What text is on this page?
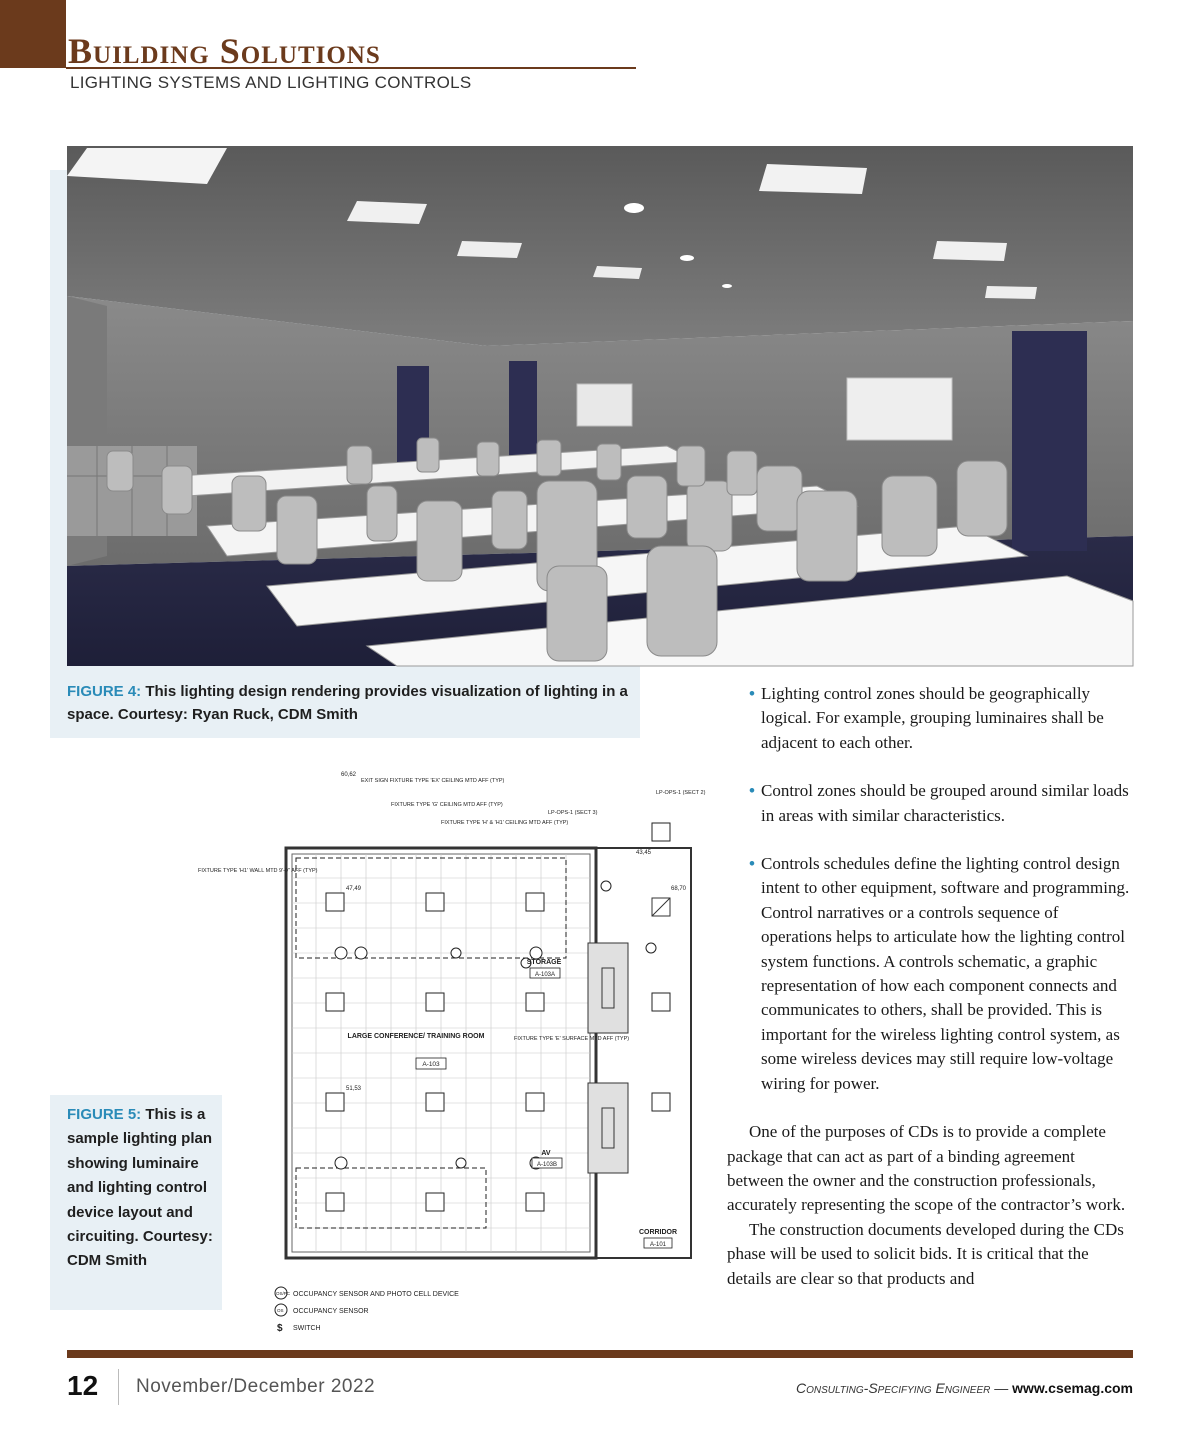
Building Solutions
LIGHTING SYSTEMS AND LIGHTING CONTROLS
FIGURE 4: This lighting design rendering provides visualization of lighting in a space. Courtesy: Ryan Ruck, CDM Smith
FIGURE 5: This is a sample lighting plan showing luminaire and lighting control device layout and circuiting. Courtesy: CDM Smith
LARGE CONFERENCE/ TRAINING ROOM
A-103
STORAGE
A-103A
AV
A-103B
CORRIDOR
A-101
EXIT SIGN FIXTURE TYPE 'EX' CEILING MTD AFF (TYP)
FIXTURE TYPE 'G' CEILING MTD AFF (TYP)
FIXTURE TYPE 'H' & 'H1' CEILING MTD AFF (TYP)
FIXTURE TYPE 'H1' WALL MTD 9'-0" AFF (TYP)
FIXTURE TYPE 'E' SURFACE MTD AFF (TYP)
LP-OPS-1 (SECT 2)
LP-OPS-1 (SECT 3)
60,62
47,49
51,53
68,70
43,45
OS/PC OCCUPANCY SENSOR AND PHOTO CELL DEVICE
OS OCCUPANCY SENSOR
$ SWITCH
• Lighting control zones should be geographically logical. For example, grouping luminaires shall be adjacent to each other.
• Control zones should be grouped around similar loads in areas with similar characteristics.
• Controls schedules define the lighting control design intent to other equipment, software and programming. Control narratives or a controls sequence of operations helps to articulate how the lighting control system functions. A controls schematic, a graphic representation of how each component connects and communicates to others, shall be provided. This is important for the wireless lighting control system, as some wireless devices may still require low-voltage wiring for power.

One of the purposes of CDs is to provide a complete package that can act as part of a binding agreement between the owner and the construction professionals, accurately representing the scope of the contractor’s work.

The construction documents developed during the CDs phase will be used to solicit bids. It is critical that the details are clear so that products and

12 November/December 2022	Consulting-Specifying Engineer — www.csemag.com
